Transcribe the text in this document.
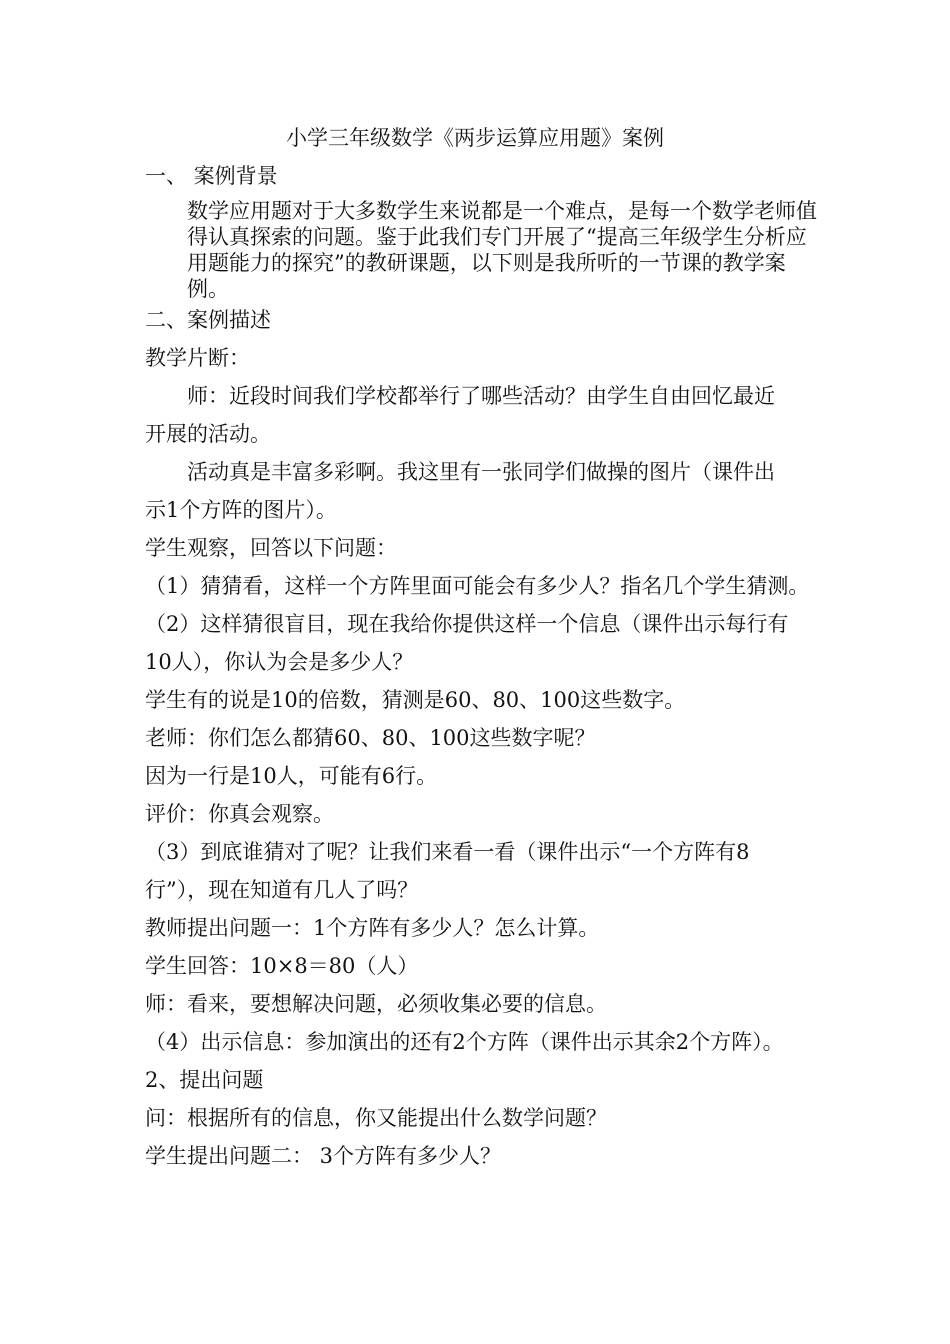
小学三年级数学《两步运算应用题》案例
一、 案例背景
数学应用题对于大多数学生来说都是一个难点，是每一个数学老师值得认真探索的问题。鉴于此我们专门开展了“提高三年级学生分析应用题能力的探究”的教研课题，以下则是我所听的一节课的教学案例。
二、案例描述
教学片断：
师：近段时间我们学校都举行了哪些活动？由学生自由回忆最近
开展的活动。
活动真是丰富多彩啊。我这里有一张同学们做操的图片（课件出
示1个方阵的图片）。
学生观察，回答以下问题：
（1）猜猜看，这样一个方阵里面可能会有多少人？指名几个学生猜测。
（2）这样猜很盲目，现在我给你提供这样一个信息（课件出示每行有
10人），你认为会是多少人？
学生有的说是10的倍数，猜测是60、80、100这些数字。
老师：你们怎么都猜60、80、100这些数字呢？
因为一行是10人，可能有6行。
评价：你真会观察。
（3）到底谁猜对了呢？让我们来看一看（课件出示“一个方阵有8
行”），现在知道有几人了吗？
教师提出问题一：1个方阵有多少人？怎么计算。
学生回答：10×8＝80（人）
师：看来，要想解决问题，必须收集必要的信息。
（4）出示信息：参加演出的还有2个方阵（课件出示其余2个方阵）。
2、提出问题
问：根据所有的信息，你又能提出什么数学问题？
学生提出问题二： 3个方阵有多少人？
